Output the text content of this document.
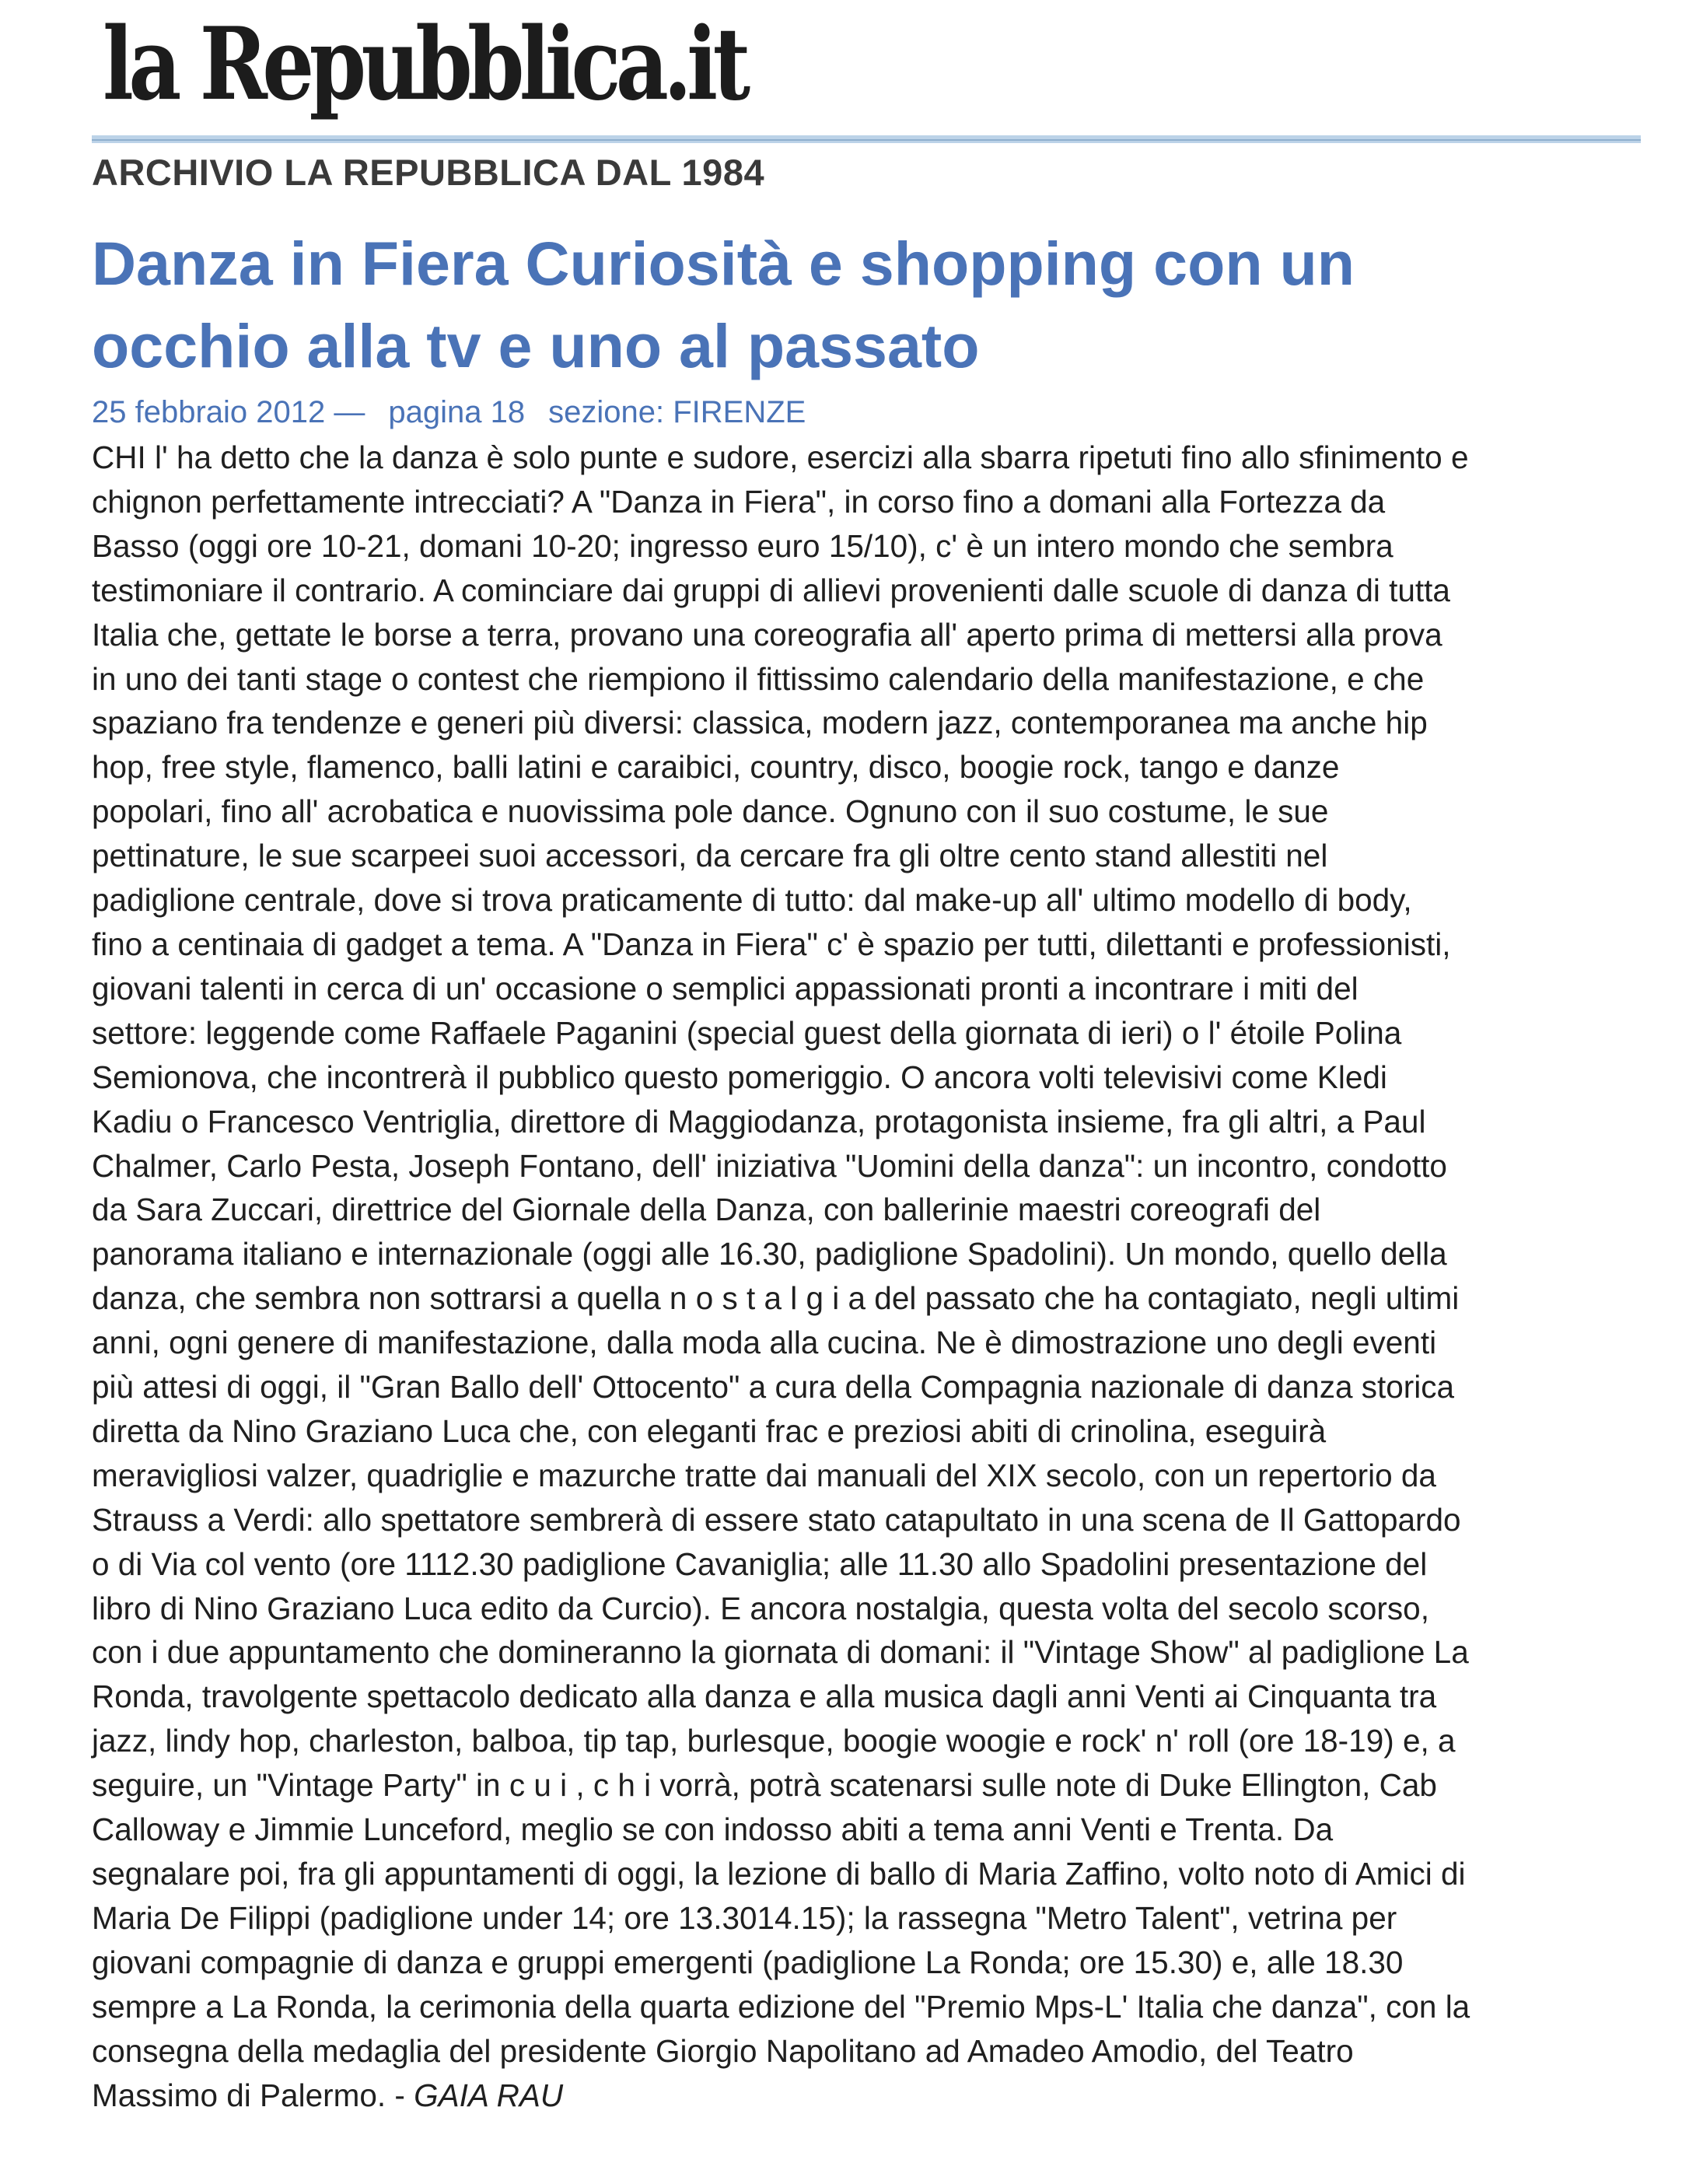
la Repubblica.it
ARCHIVIO LA REPUBBLICA DAL 1984
Danza in Fiera Curiosità e shopping con un
occhio alla tv e uno al passato
25 febbraio 2012 — pagina 18 sezione: FIRENZE
CHI l' ha detto che la danza è solo punte e sudore, esercizi alla sbarra ripetuti fino allo sfinimento e
chignon perfettamente intrecciati? A "Danza in Fiera", in corso fino a domani alla Fortezza da
Basso (oggi ore 10-21, domani 10-20; ingresso euro 15/10), c' è un intero mondo che sembra
testimoniare il contrario. A cominciare dai gruppi di allievi provenienti dalle scuole di danza di tutta
Italia che, gettate le borse a terra, provano una coreografia all' aperto prima di mettersi alla prova
in uno dei tanti stage o contest che riempiono il fittissimo calendario della manifestazione, e che
spaziano fra tendenze e generi più diversi: classica, modern jazz, contemporanea ma anche hip
hop, free style, flamenco, balli latini e caraibici, country, disco, boogie rock, tango e danze
popolari, fino all' acrobatica e nuovissima pole dance. Ognuno con il suo costume, le sue
pettinature, le sue scarpeei suoi accessori, da cercare fra gli oltre cento stand allestiti nel
padiglione centrale, dove si trova praticamente di tutto: dal make-up all' ultimo modello di body,
fino a centinaia di gadget a tema. A "Danza in Fiera" c' è spazio per tutti, dilettanti e professionisti,
giovani talenti in cerca di un' occasione o semplici appassionati pronti a incontrare i miti del
settore: leggende come Raffaele Paganini (special guest della giornata di ieri) o l' étoile Polina
Semionova, che incontrerà il pubblico questo pomeriggio. O ancora volti televisivi come Kledi
Kadiu o Francesco Ventriglia, direttore di Maggiodanza, protagonista insieme, fra gli altri, a Paul
Chalmer, Carlo Pesta, Joseph Fontano, dell' iniziativa "Uomini della danza": un incontro, condotto
da Sara Zuccari, direttrice del Giornale della Danza, con ballerinie maestri coreografi del
panorama italiano e internazionale (oggi alle 16.30, padiglione Spadolini). Un mondo, quello della
danza, che sembra non sottrarsi a quella n o s t a l g i a del passato che ha contagiato, negli ultimi
anni, ogni genere di manifestazione, dalla moda alla cucina. Ne è dimostrazione uno degli eventi
più attesi di oggi, il "Gran Ballo dell' Ottocento" a cura della Compagnia nazionale di danza storica
diretta da Nino Graziano Luca che, con eleganti frac e preziosi abiti di crinolina, eseguirà
meravigliosi valzer, quadriglie e mazurche tratte dai manuali del XIX secolo, con un repertorio da
Strauss a Verdi: allo spettatore sembrerà di essere stato catapultato in una scena de Il Gattopardo
o di Via col vento (ore 1112.30 padiglione Cavaniglia; alle 11.30 allo Spadolini presentazione del
libro di Nino Graziano Luca edito da Curcio). E ancora nostalgia, questa volta del secolo scorso,
con i due appuntamento che domineranno la giornata di domani: il "Vintage Show" al padiglione La
Ronda, travolgente spettacolo dedicato alla danza e alla musica dagli anni Venti ai Cinquanta tra
jazz, lindy hop, charleston, balboa, tip tap, burlesque, boogie woogie e rock' n' roll (ore 18-19) e, a
seguire, un "Vintage Party" in c u i , c h i vorrà, potrà scatenarsi sulle note di Duke Ellington, Cab
Calloway e Jimmie Lunceford, meglio se con indosso abiti a tema anni Venti e Trenta. Da
segnalare poi, fra gli appuntamenti di oggi, la lezione di ballo di Maria Zaffino, volto noto di Amici di
Maria De Filippi (padiglione under 14; ore 13.3014.15); la rassegna "Metro Talent", vetrina per
giovani compagnie di danza e gruppi emergenti (padiglione La Ronda; ore 15.30) e, alle 18.30
sempre a La Ronda, la cerimonia della quarta edizione del "Premio Mps-L' Italia che danza", con la
consegna della medaglia del presidente Giorgio Napolitano ad Amadeo Amodio, del Teatro
Massimo di Palermo. - GAIA RAU
